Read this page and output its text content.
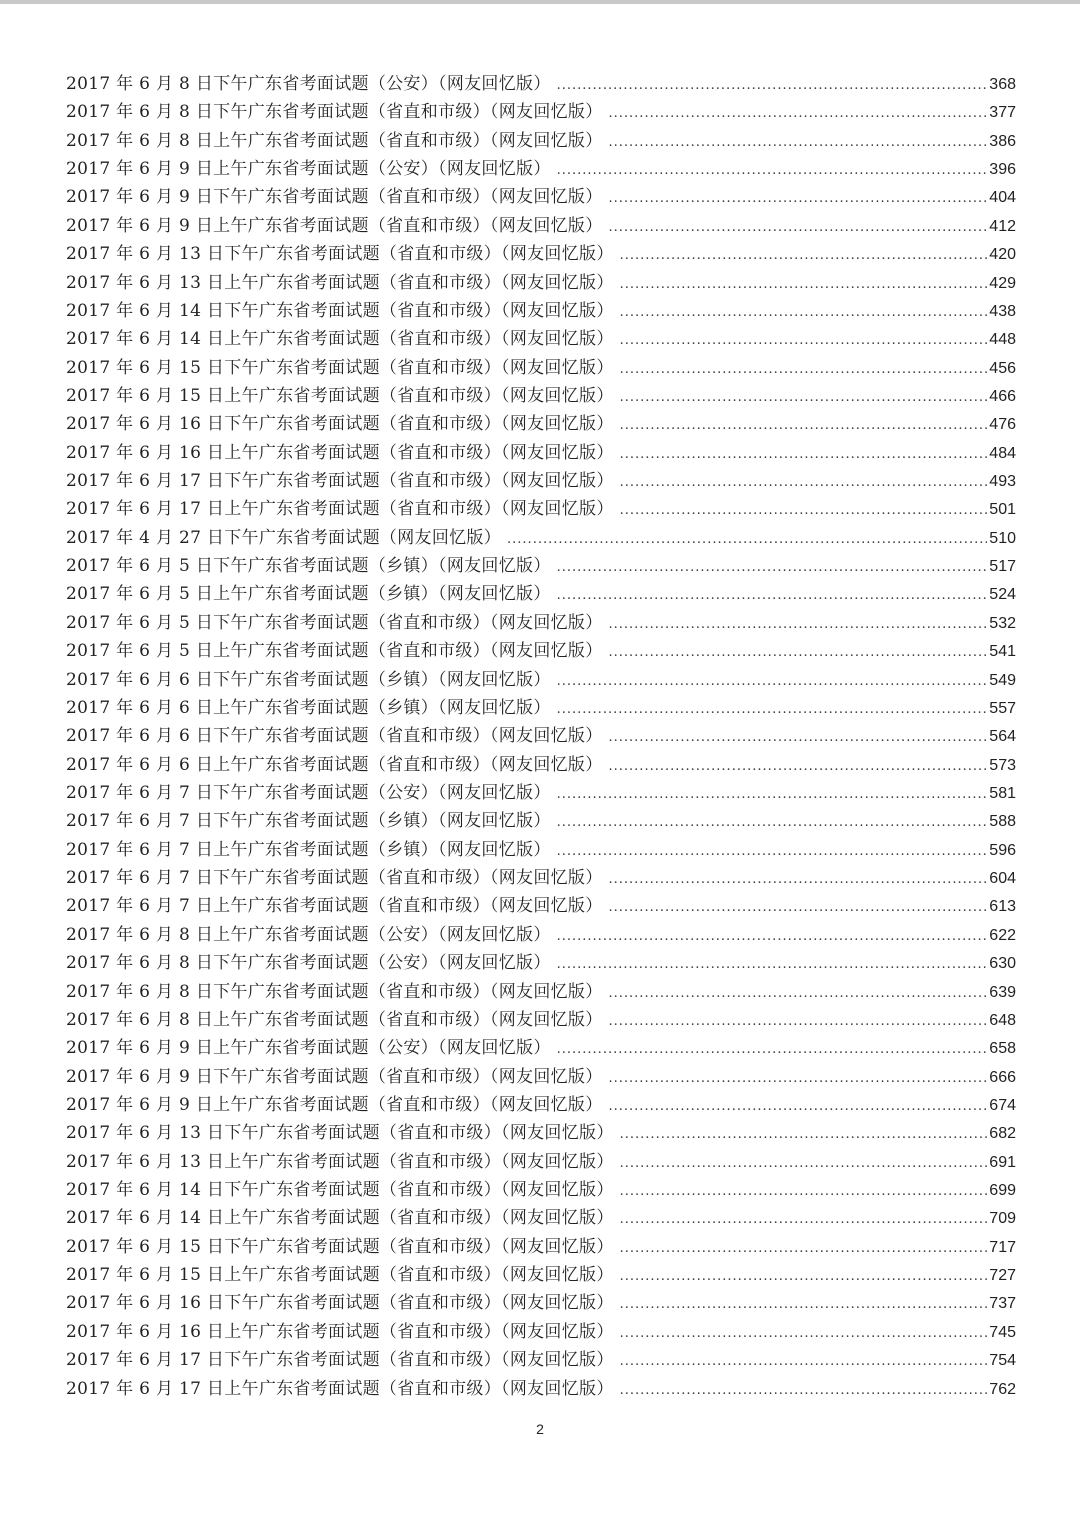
2017 年 6 月 8 日下午广东省考面试题（公安）（网友回忆版） .....	368
2017 年 6 月 8 日下午广东省考面试题（省直和市级）（网友回忆版） .....	377
2017 年 6 月 8 日上午广东省考面试题（省直和市级）（网友回忆版） .....	386
2017 年 6 月 9 日上午广东省考面试题（公安）（网友回忆版） .....	396
2017 年 6 月 9 日下午广东省考面试题（省直和市级）（网友回忆版） .....	404
2017 年 6 月 9 日上午广东省考面试题（省直和市级）（网友回忆版） .....	412
2017 年 6 月 13 日下午广东省考面试题（省直和市级）（网友回忆版） .....	420
2017 年 6 月 13 日上午广东省考面试题（省直和市级）（网友回忆版） .....	429
2017 年 6 月 14 日下午广东省考面试题（省直和市级）（网友回忆版） .....	438
2017 年 6 月 14 日上午广东省考面试题（省直和市级）（网友回忆版） .....	448
2017 年 6 月 15 日下午广东省考面试题（省直和市级）（网友回忆版） .....	456
2017 年 6 月 15 日上午广东省考面试题（省直和市级）（网友回忆版） .....	466
2017 年 6 月 16 日下午广东省考面试题（省直和市级）（网友回忆版） .....	476
2017 年 6 月 16 日上午广东省考面试题（省直和市级）（网友回忆版） .....	484
2017 年 6 月 17 日下午广东省考面试题（省直和市级）（网友回忆版） .....	493
2017 年 6 月 17 日上午广东省考面试题（省直和市级）（网友回忆版） .....	501
2017 年 4 月 27 日下午广东省考面试题（网友回忆版） .....	510
2017 年 6 月 5 日下午广东省考面试题（乡镇）（网友回忆版） .....	517
2017 年 6 月 5 日上午广东省考面试题（乡镇）（网友回忆版） .....	524
2017 年 6 月 5 日下午广东省考面试题（省直和市级）（网友回忆版） .....	532
2017 年 6 月 5 日上午广东省考面试题（省直和市级）（网友回忆版） .....	541
2017 年 6 月 6 日下午广东省考面试题（乡镇）（网友回忆版） .....	549
2017 年 6 月 6 日上午广东省考面试题（乡镇）（网友回忆版） .....	557
2017 年 6 月 6 日下午广东省考面试题（省直和市级）（网友回忆版） .....	564
2017 年 6 月 6 日上午广东省考面试题（省直和市级）（网友回忆版） .....	573
2017 年 6 月 7 日下午广东省考面试题（公安）（网友回忆版） .....	581
2017 年 6 月 7 日下午广东省考面试题（乡镇）（网友回忆版） .....	588
2017 年 6 月 7 日上午广东省考面试题（乡镇）（网友回忆版） .....	596
2017 年 6 月 7 日下午广东省考面试题（省直和市级）（网友回忆版） .....	604
2017 年 6 月 7 日上午广东省考面试题（省直和市级）（网友回忆版） .....	613
2017 年 6 月 8 日上午广东省考面试题（公安）（网友回忆版） .....	622
2017 年 6 月 8 日下午广东省考面试题（公安）（网友回忆版） .....	630
2017 年 6 月 8 日下午广东省考面试题（省直和市级）（网友回忆版） .....	639
2017 年 6 月 8 日上午广东省考面试题（省直和市级）（网友回忆版） .....	648
2017 年 6 月 9 日上午广东省考面试题（公安）（网友回忆版） .....	658
2017 年 6 月 9 日下午广东省考面试题（省直和市级）（网友回忆版） .....	666
2017 年 6 月 9 日上午广东省考面试题（省直和市级）（网友回忆版） .....	674
2017 年 6 月 13 日下午广东省考面试题（省直和市级）（网友回忆版） .....	682
2017 年 6 月 13 日上午广东省考面试题（省直和市级）（网友回忆版） .....	691
2017 年 6 月 14 日下午广东省考面试题（省直和市级）（网友回忆版） .....	699
2017 年 6 月 14 日上午广东省考面试题（省直和市级）（网友回忆版） .....	709
2017 年 6 月 15 日下午广东省考面试题（省直和市级）（网友回忆版） .....	717
2017 年 6 月 15 日上午广东省考面试题（省直和市级）（网友回忆版） .....	727
2017 年 6 月 16 日下午广东省考面试题（省直和市级）（网友回忆版） .....	737
2017 年 6 月 16 日上午广东省考面试题（省直和市级）（网友回忆版） .....	745
2017 年 6 月 17 日下午广东省考面试题（省直和市级）（网友回忆版） .....	754
2017 年 6 月 17 日上午广东省考面试题（省直和市级）（网友回忆版） .....	762
2
